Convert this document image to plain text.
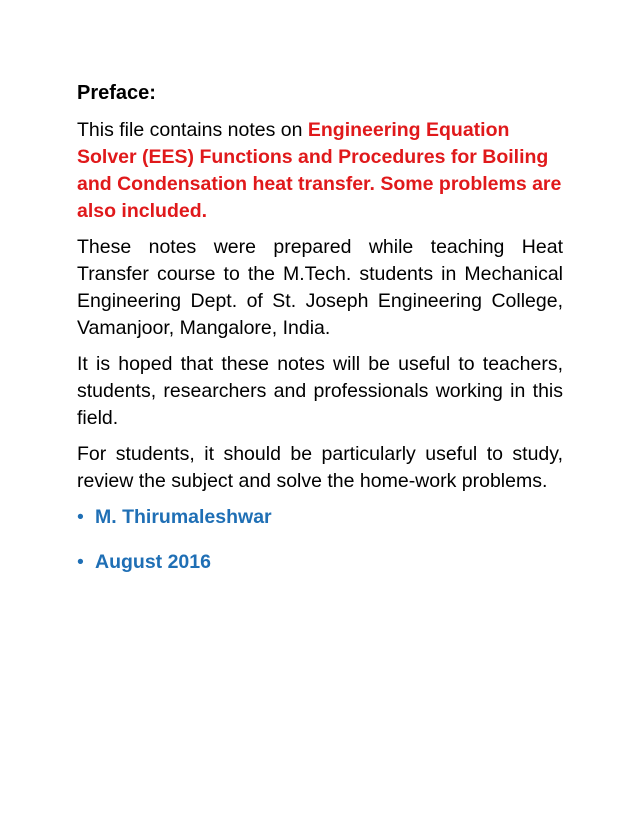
Preface:

This file contains notes on Engineering Equation Solver (EES) Functions and Procedures for Boiling and Condensation heat transfer. Some problems are also included.

These notes were prepared while teaching Heat Transfer course to the M.Tech. students in Mechanical Engineering Dept. of St. Joseph Engineering College, Vamanjoor, Mangalore, India.

It is hoped that these notes will be useful to teachers, students, researchers and professionals working in this field.

For students, it should be particularly useful to study, review the subject and solve the home-work problems.

• M. Thirumaleshwar
• August 2016
